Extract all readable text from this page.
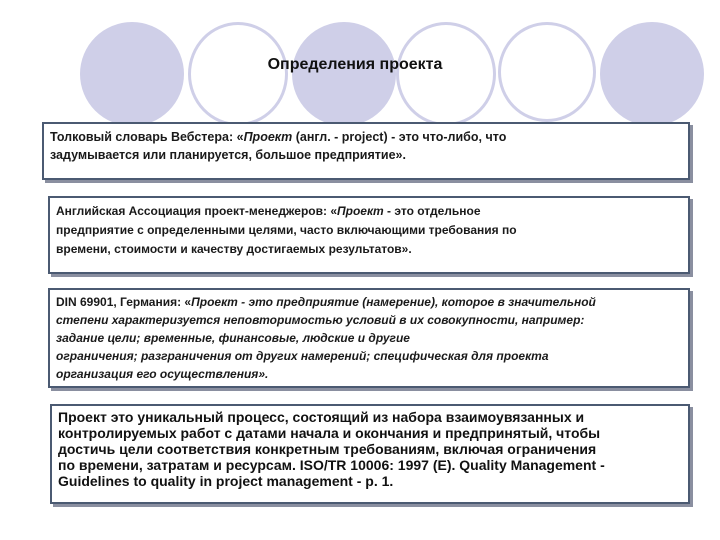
Определения проекта
Толковый словарь Вебстера: «Проект (англ. - project) - это что-либо, что
задумывается или планируется, большое предприятие».
Английская Ассоциация проект-менеджеров: «Проект - это отдельное
предприятие с определенными целями, часто включающими требования по
времени, стоимости и качеству достигаемых результатов».
DIN 69901, Германия: «Проект - это предприятие (намерение), которое в значительной
степени характеризуется неповторимостью условий в их совокупности, например:
задание цели; временные, финансовые, людские и другие
ограничения; разграничения от других намерений; специфическая для проекта
организация его осуществления».
Проект это уникальный процесс, состоящий из набора взаимоувязанных и
контролируемых работ с датами начала и окончания и предпринятый, чтобы
достичь цели соответствия конкретным требованиям, включая ограничения
по времени, затратам и ресурсам. ISO/TR 10006: 1997 (E). Quality Management -
Guidelines to quality in project management - p. 1.
